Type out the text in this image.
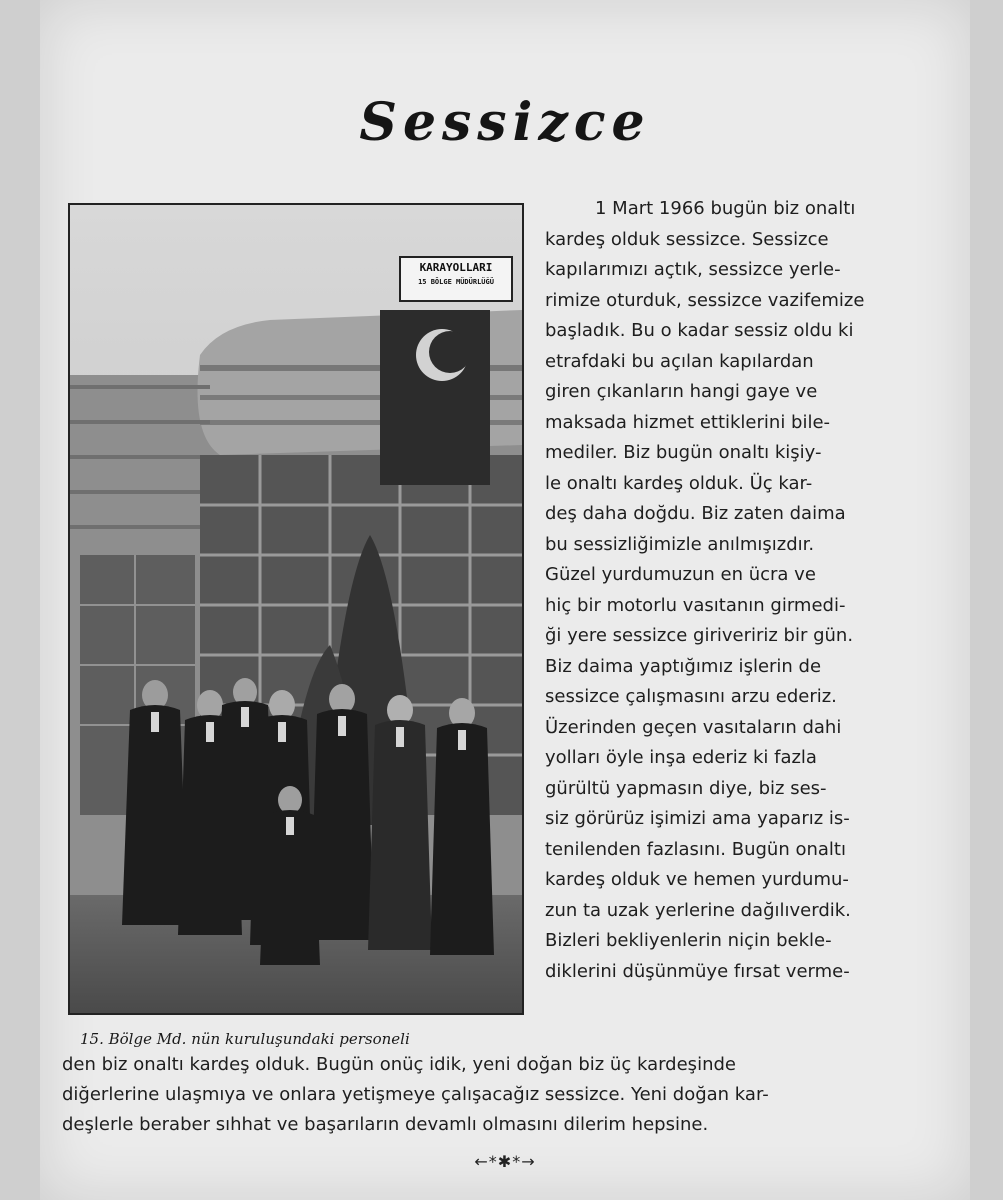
Sessizce
KARAYOLLARI
15 BÖLGE MÜDÜRLÜĞÜ
15. Bölge Md. nün kuruluşundaki personeli
1 Mart 1966 bugün biz onaltı
kardeş olduk sessizce. Sessizce
kapılarımızı açtık, sessizce yerle-
rimize oturduk, sessizce vazifemize
başladık. Bu o kadar sessiz oldu ki
etrafdaki bu açılan kapılardan
giren çıkanların hangi gaye ve
maksada hizmet ettiklerini bile-
mediler. Biz bugün onaltı kişiy-
le onaltı kardeş olduk. Üç kar-
deş daha doğdu. Biz zaten daima
bu sessizliğimizle anılmışızdır.
Güzel yurdumuzun en ücra ve
hiç bir motorlu vasıtanın girmedi-
ği yere sessizce giriveririz bir gün.
Biz daima yaptığımız işlerin de
sessizce çalışmasını arzu ederiz.
Üzerinden geçen vasıtaların dahi
yolları öyle inşa ederiz ki fazla
gürültü yapmasın diye, biz ses-
siz görürüz işimizi ama yaparız is-
tenilenden fazlasını. Bugün onaltı
kardeş olduk ve hemen yurdumu-
zun ta uzak yerlerine dağılıverdik.
Bizleri bekliyenlerin niçin bekle-
diklerini düşünmüye fırsat verme-
den biz onaltı kardeş olduk. Bugün onüç idik, yeni doğan biz üç kardeşinde
diğerlerine ulaşmıya ve onlara yetişmeye çalışacağız sessizce. Yeni doğan kar-
deşlerle beraber sıhhat ve başarıların devamlı olmasını dilerim hepsine.
←*✱*→
